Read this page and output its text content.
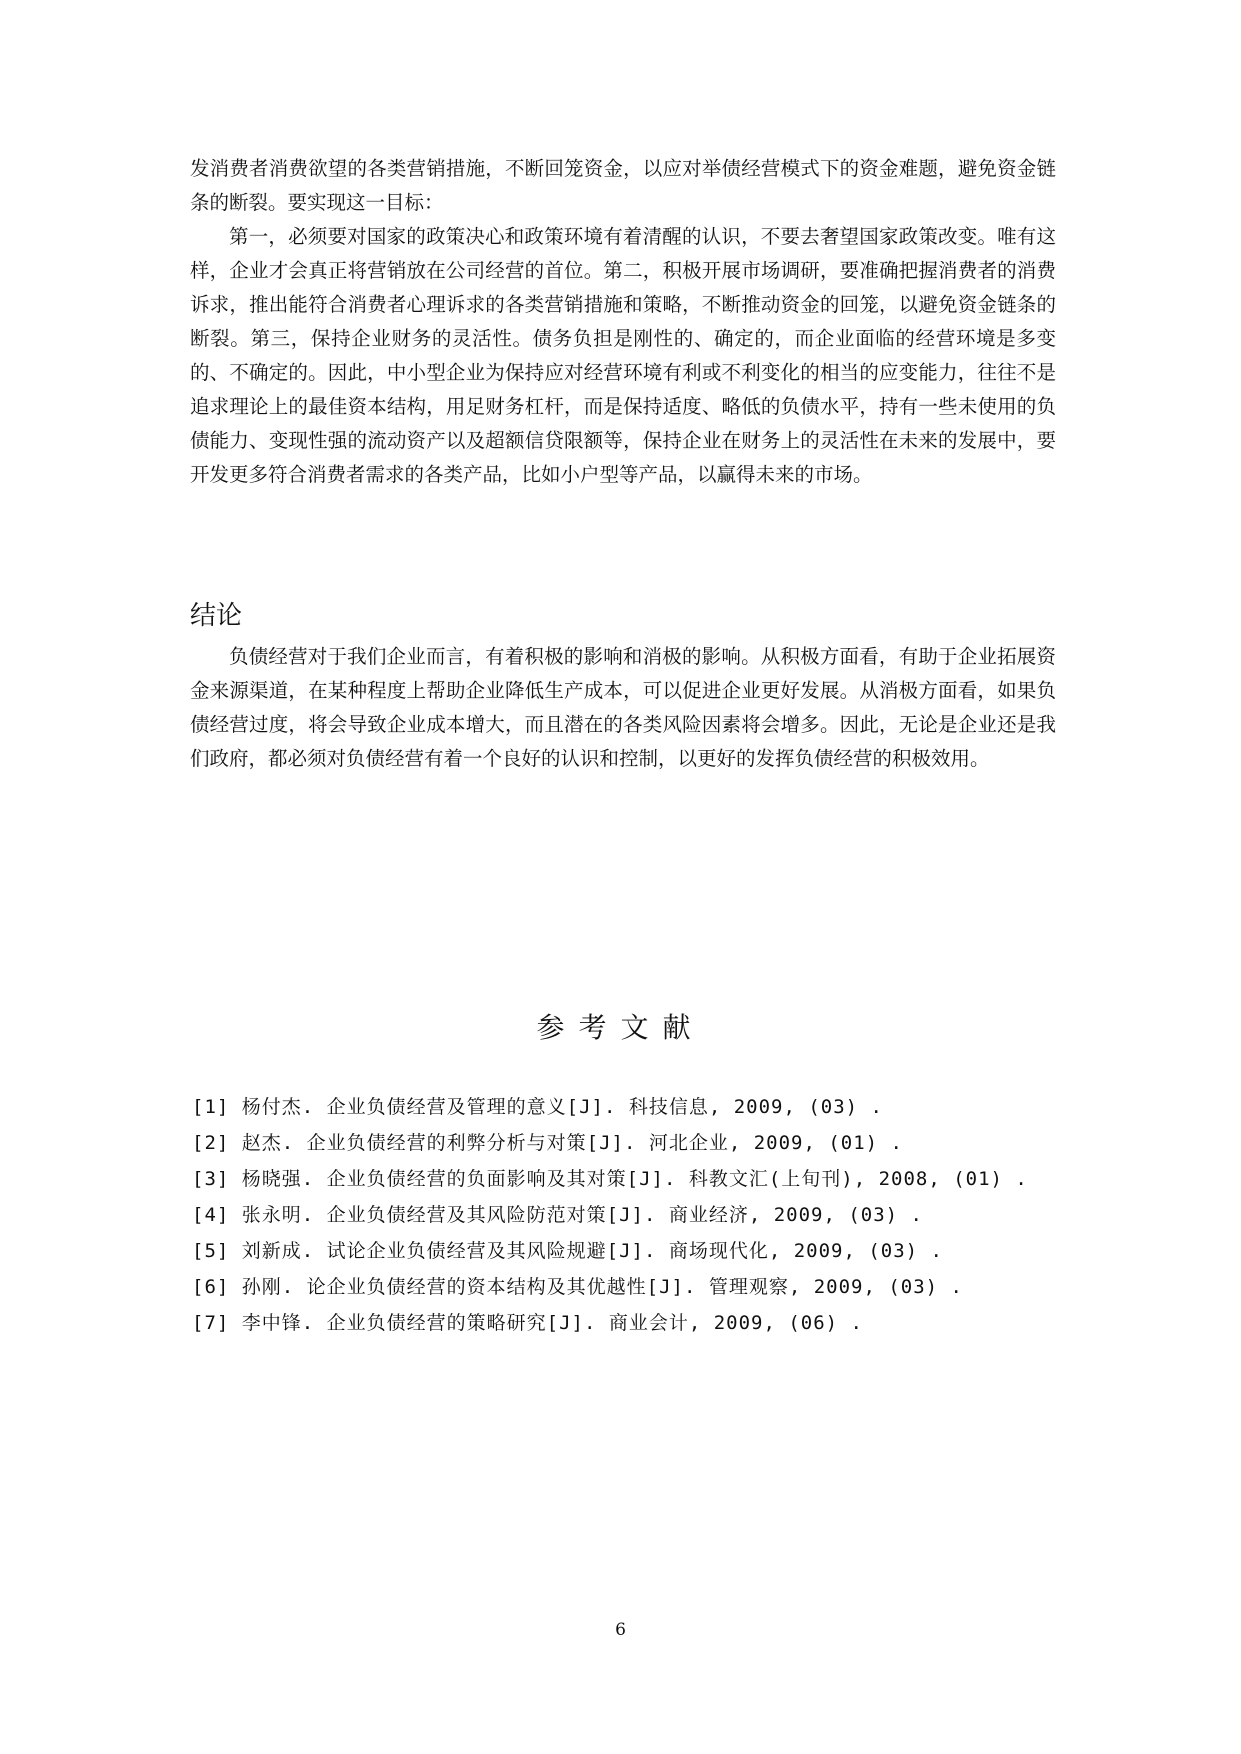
发消费者消费欲望的各类营销措施，不断回笼资金，以应对举债经营模式下的资金难题，避免资金链条的断裂。要实现这一目标：

第一，必须要对国家的政策决心和政策环境有着清醒的认识，不要去奢望国家政策改变。唯有这样，企业才会真正将营销放在公司经营的首位。第二，积极开展市场调研，要准确把握消费者的消费诉求，推出能符合消费者心理诉求的各类营销措施和策略，不断推动资金的回笼，以避免资金链条的断裂。第三，保持企业财务的灵活性。债务负担是刚性的、确定的，而企业面临的经营环境是多变的、不确定的。因此，中小型企业为保持应对经营环境有利或不利变化的相当的应变能力，往往不是追求理论上的最佳资本结构，用足财务杠杆，而是保持适度、略低的负债水平，持有一些未使用的负债能力、变现性强的流动资产以及超额信贷限额等，保持企业在财务上的灵活性在未来的发展中，要开发更多符合消费者需求的各类产品，比如小户型等产品，以赢得未来的市场。

结论

负债经营对于我们企业而言，有着积极的影响和消极的影响。从积极方面看，有助于企业拓展资金来源渠道，在某种程度上帮助企业降低生产成本，可以促进企业更好发展。从消极方面看，如果负债经营过度，将会导致企业成本增大，而且潜在的各类风险因素将会增多。因此，无论是企业还是我们政府，都必须对负债经营有着一个良好的认识和控制，以更好的发挥负债经营的积极效用。

参考文献
[1] 杨付杰. 企业负债经营及管理的意义[J]. 科技信息, 2009, (03) .
[2] 赵杰. 企业负债经营的利弊分析与对策[J]. 河北企业, 2009, (01) .
[3] 杨晓强. 企业负债经营的负面影响及其对策[J]. 科教文汇(上旬刊), 2008, (01) .
[4] 张永明. 企业负债经营及其风险防范对策[J]. 商业经济, 2009, (03) .
[5] 刘新成. 试论企业负债经营及其风险规避[J]. 商场现代化, 2009, (03) .
[6] 孙刚. 论企业负债经营的资本结构及其优越性[J]. 管理观察, 2009, (03) .
[7] 李中锋. 企业负债经营的策略研究[J]. 商业会计, 2009, (06) .
6
